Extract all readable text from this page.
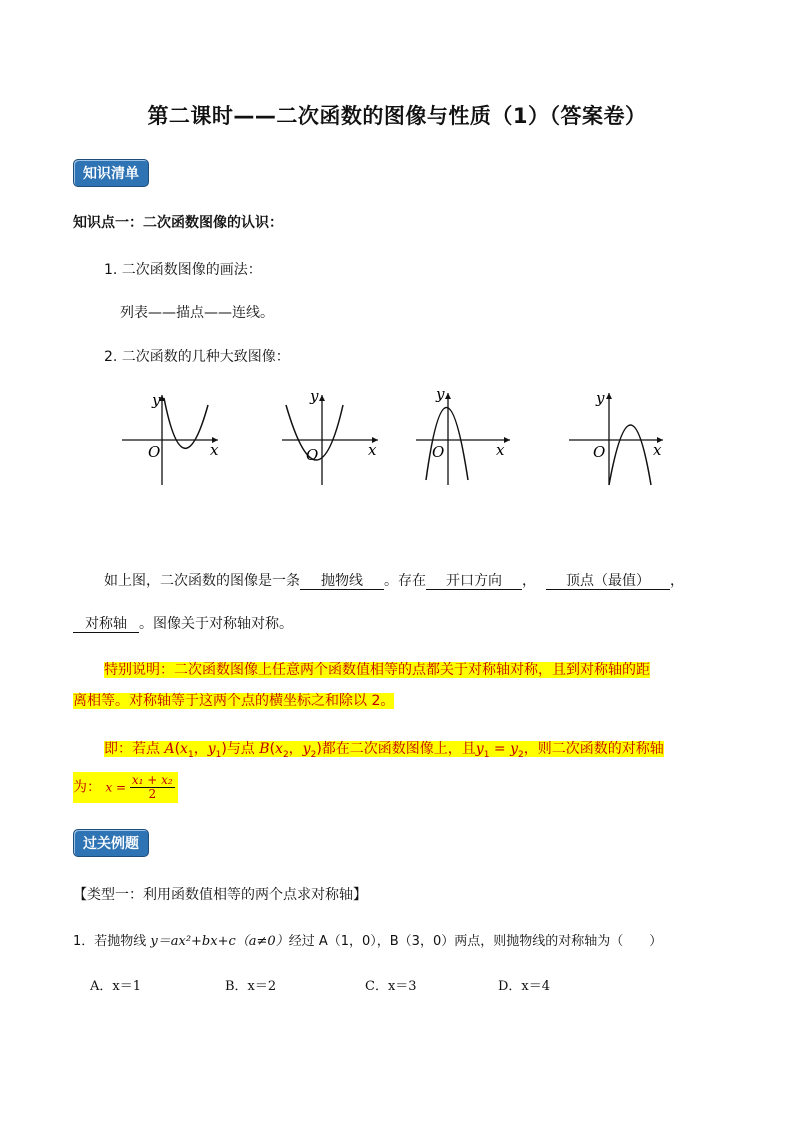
第二课时——二次函数的图像与性质（1）（答案卷）
知识清单
知识点一：二次函数图像的认识：
1. 二次函数图像的画法：
列表——描点——连线。
2. 二次函数的几种大致图像：
y
x
O
y
x
O
y
x
O
y
x
O
如上图，二次函数的图像是一条 抛物线 。存在 开口方向 ， 顶点（最值） ，
对称轴 。图像关于对称轴对称。
特别说明：二次函数图像上任意两个函数值相等的点都关于对称轴对称，且到对称轴的距
离相等。对称轴等于这两个点的横坐标之和除以 2。
即：若点 $A(x_1$，$y_1$)与点 $B(x_2$，$y_2$)都在二次函数图像上，且$y_1 = y_2$，则二次函数的对称轴
为： $x = \frac{\text{x₁ + x₂}}{2}$
过关例题
【类型一：利用函数值相等的两个点求对称轴】
1．若抛物线 y＝ax²+bx+c（a≠0）经过 A（1，0），B（3，0）两点，则抛物线的对称轴为（　　）
A．x＝1	B．x＝2	C．x＝3	D．x＝4
